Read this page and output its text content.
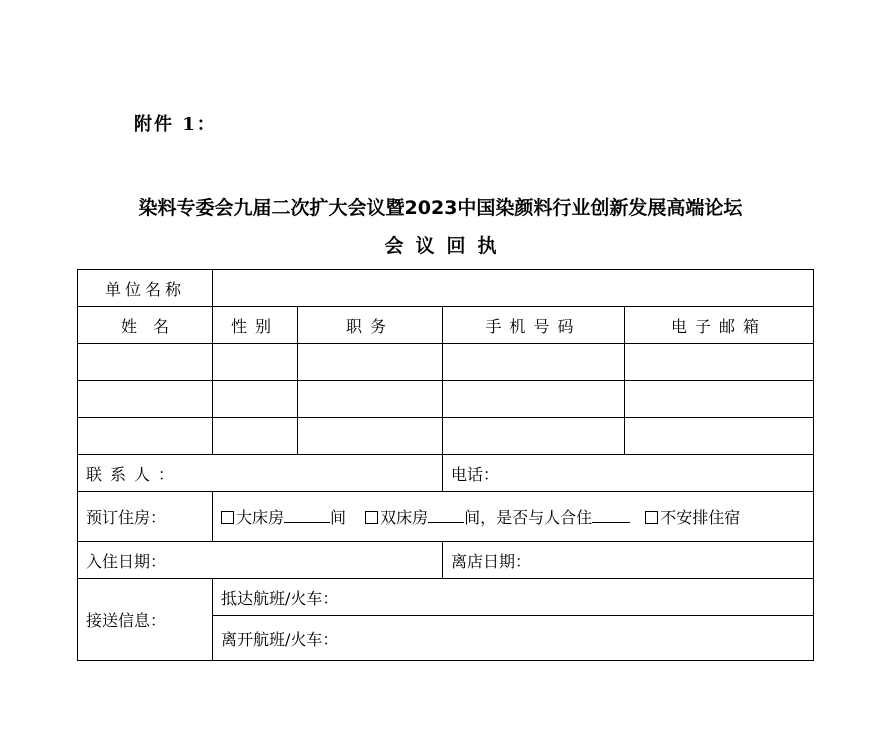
附件 1：
染料专委会九届二次扩大会议暨2023中国染颜料行业创新发展高端论坛
会议回执
单位名称				
姓　名	性别	职务	手机号码	电子邮箱

联系人：			电话：	
预订住房：	大床房 间 双床房 间，是否与人合住 不安排住宿			
入住日期：			离店日期：	
接送信息：	抵达航班/火车：			
	离开航班/火车：			
